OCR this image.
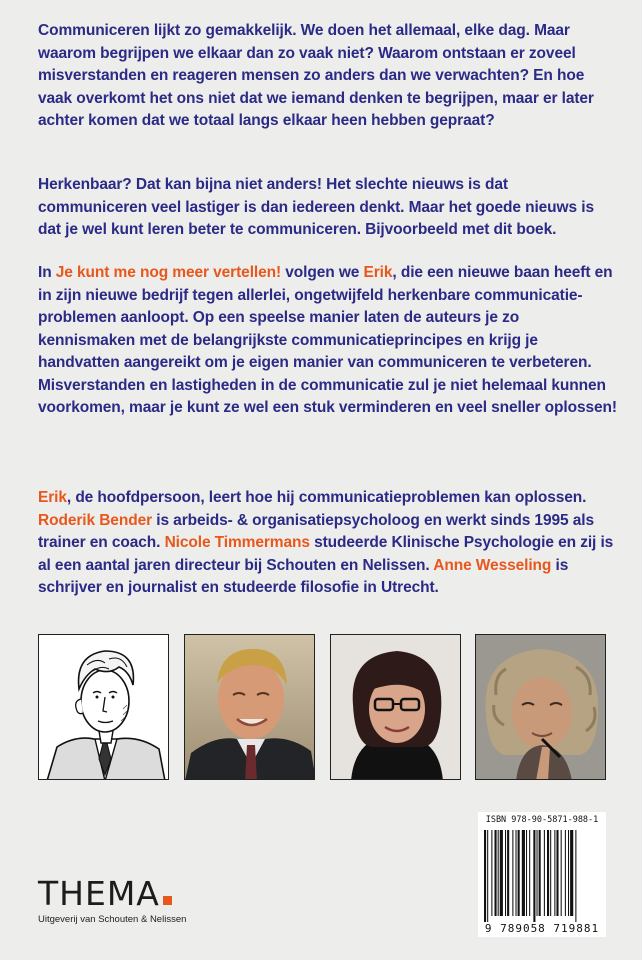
Communiceren lijkt zo gemakkelijk. We doen het allemaal, elke dag. Maar waarom begrijpen we elkaar dan zo vaak niet? Waarom ontstaan er zoveel misverstanden en reageren mensen zo anders dan we verwachten? En hoe vaak overkomt het ons niet dat we iemand denken te begrijpen, maar er later achter komen dat we totaal langs elkaar heen hebben gepraat?

Herkenbaar? Dat kan bijna niet anders! Het slechte nieuws is dat communiceren veel lastiger is dan iedereen denkt. Maar het goede nieuws is dat je wel kunt leren beter te communiceren. Bijvoorbeeld met dit boek.

In Je kunt me nog meer vertellen! volgen we Erik, die een nieuwe baan heeft en in zijn nieuwe bedrijf tegen allerlei, ongetwijfeld herkenbare communicatie-problemen aanloopt. Op een speelse manier laten de auteurs je zo kennismaken met de belangrijkste communicatieprincipes en krijg je handvatten aangereikt om je eigen manier van communiceren te verbeteren. Misverstanden en lastigheden in de communicatie zul je niet helemaal kunnen voorkomen, maar je kunt ze wel een stuk verminderen en veel sneller oplossen!

Erik, de hoofdpersoon, leert hoe hij communicatieproblemen kan oplossen. Roderik Bender is arbeids- & organisatiepsycholoog en werkt sinds 1995 als trainer en coach. Nicole Timmermans studeerde Klinische Psychologie en zij is al een aantal jaren directeur bij Schouten en Nelissen. Anne Wesseling is schrijver en journalist en studeerde filosofie in Utrecht.

THEMA
Uitgeverij van Schouten & Nelissen
ISBN 978-90-5871-988-1
9 789058 719881
